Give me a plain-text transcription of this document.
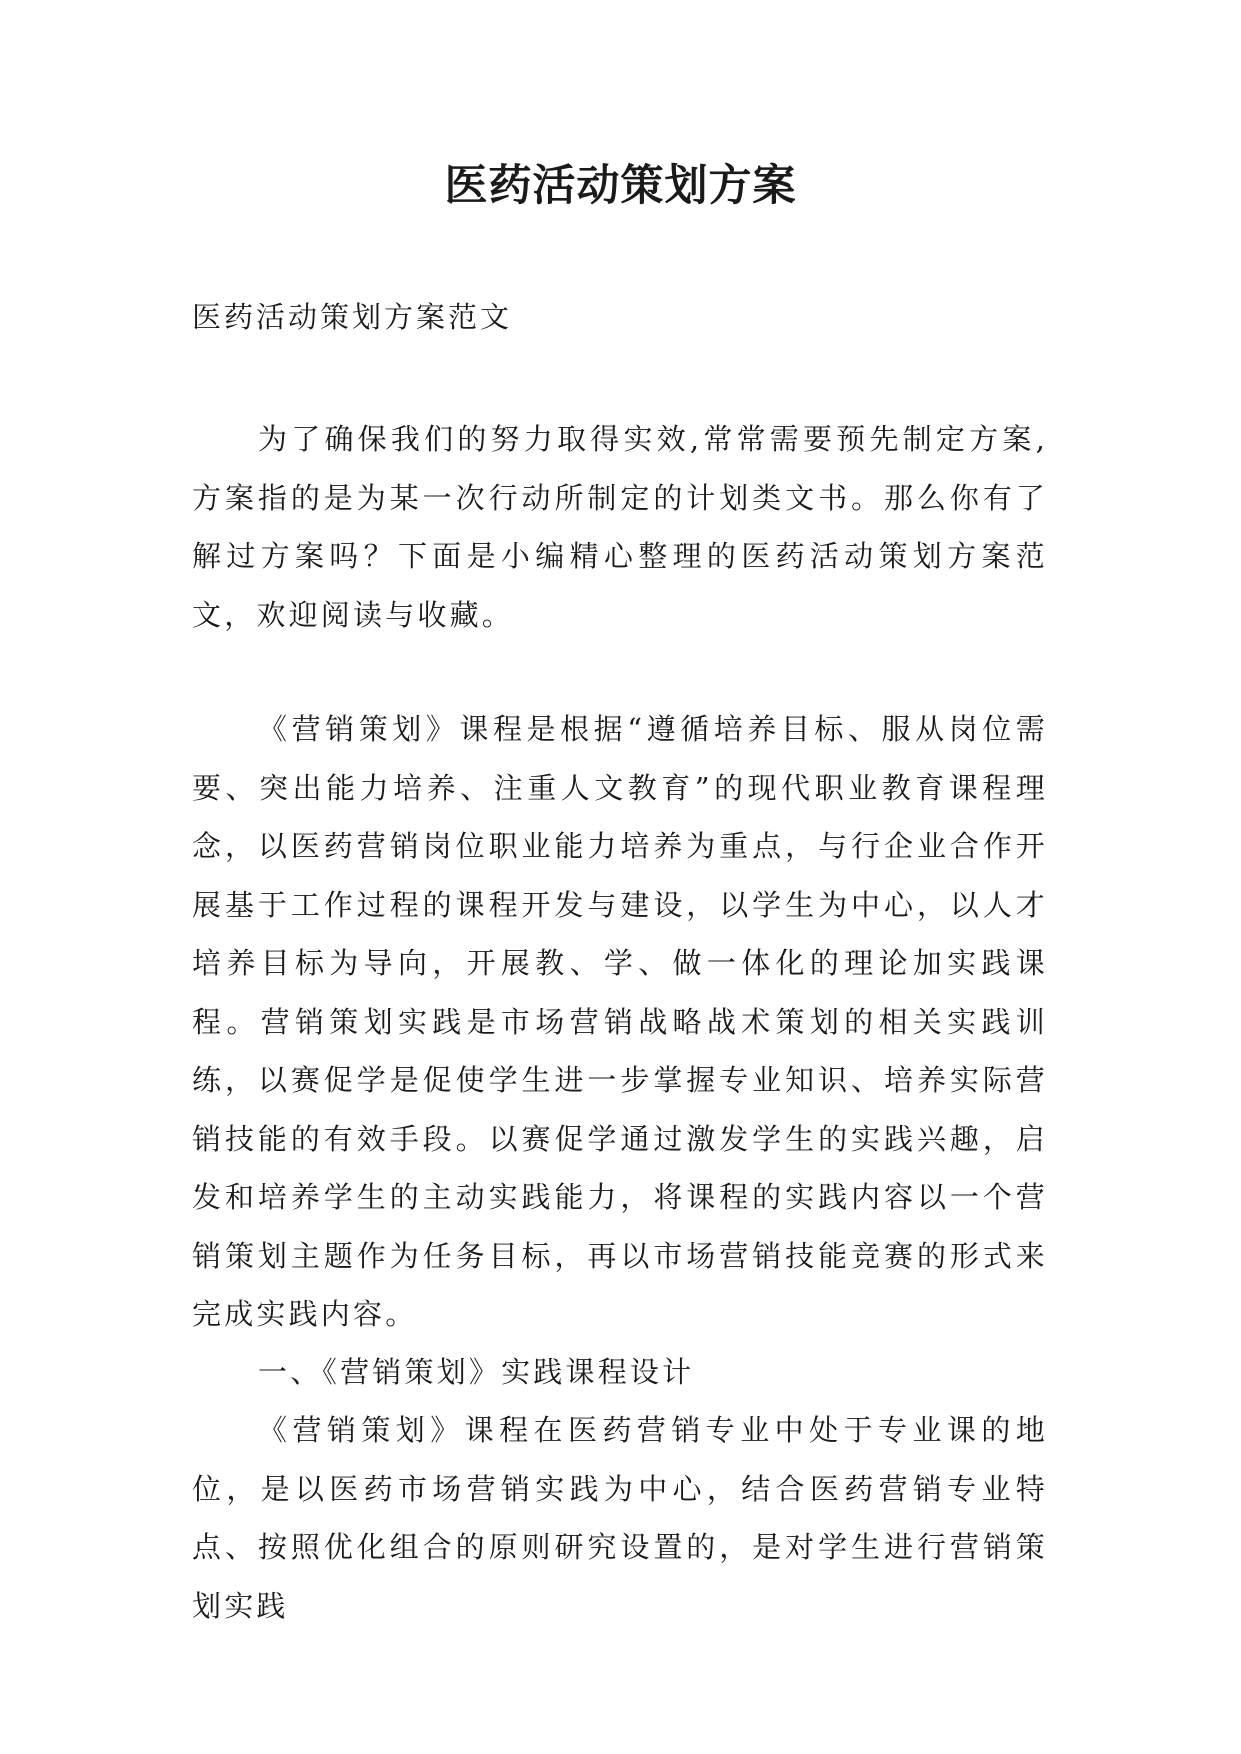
医药活动策划方案

医药活动策划方案范文

为了确保我们的努力取得实效,常常需要预先制定方案,方案指的是为某一次行动所制定的计划类文书。那么你有了解过方案吗？下面是小编精心整理的医药活动策划方案范文，欢迎阅读与收藏。

《营销策划》课程是根据“遵循培养目标、服从岗位需要、突出能力培养、注重人文教育”的现代职业教育课程理念，以医药营销岗位职业能力培养为重点，与行企业合作开展基于工作过程的课程开发与建设，以学生为中心，以人才培养目标为导向，开展教、学、做一体化的理论加实践课程。营销策划实践是市场营销战略战术策划的相关实践训练，以赛促学是促使学生进一步掌握专业知识、培养实际营销技能的有效手段。以赛促学通过激发学生的实践兴趣，启发和培养学生的主动实践能力，将课程的实践内容以一个营销策划主题作为任务目标，再以市场营销技能竞赛的形式来完成实践内容。

一、《营销策划》实践课程设计

《营销策划》课程在医药营销专业中处于专业课的地位，是以医药市场营销实践为中心，结合医药营销专业特点、按照优化组合的原则研究设置的，是对学生进行营销策划实践
